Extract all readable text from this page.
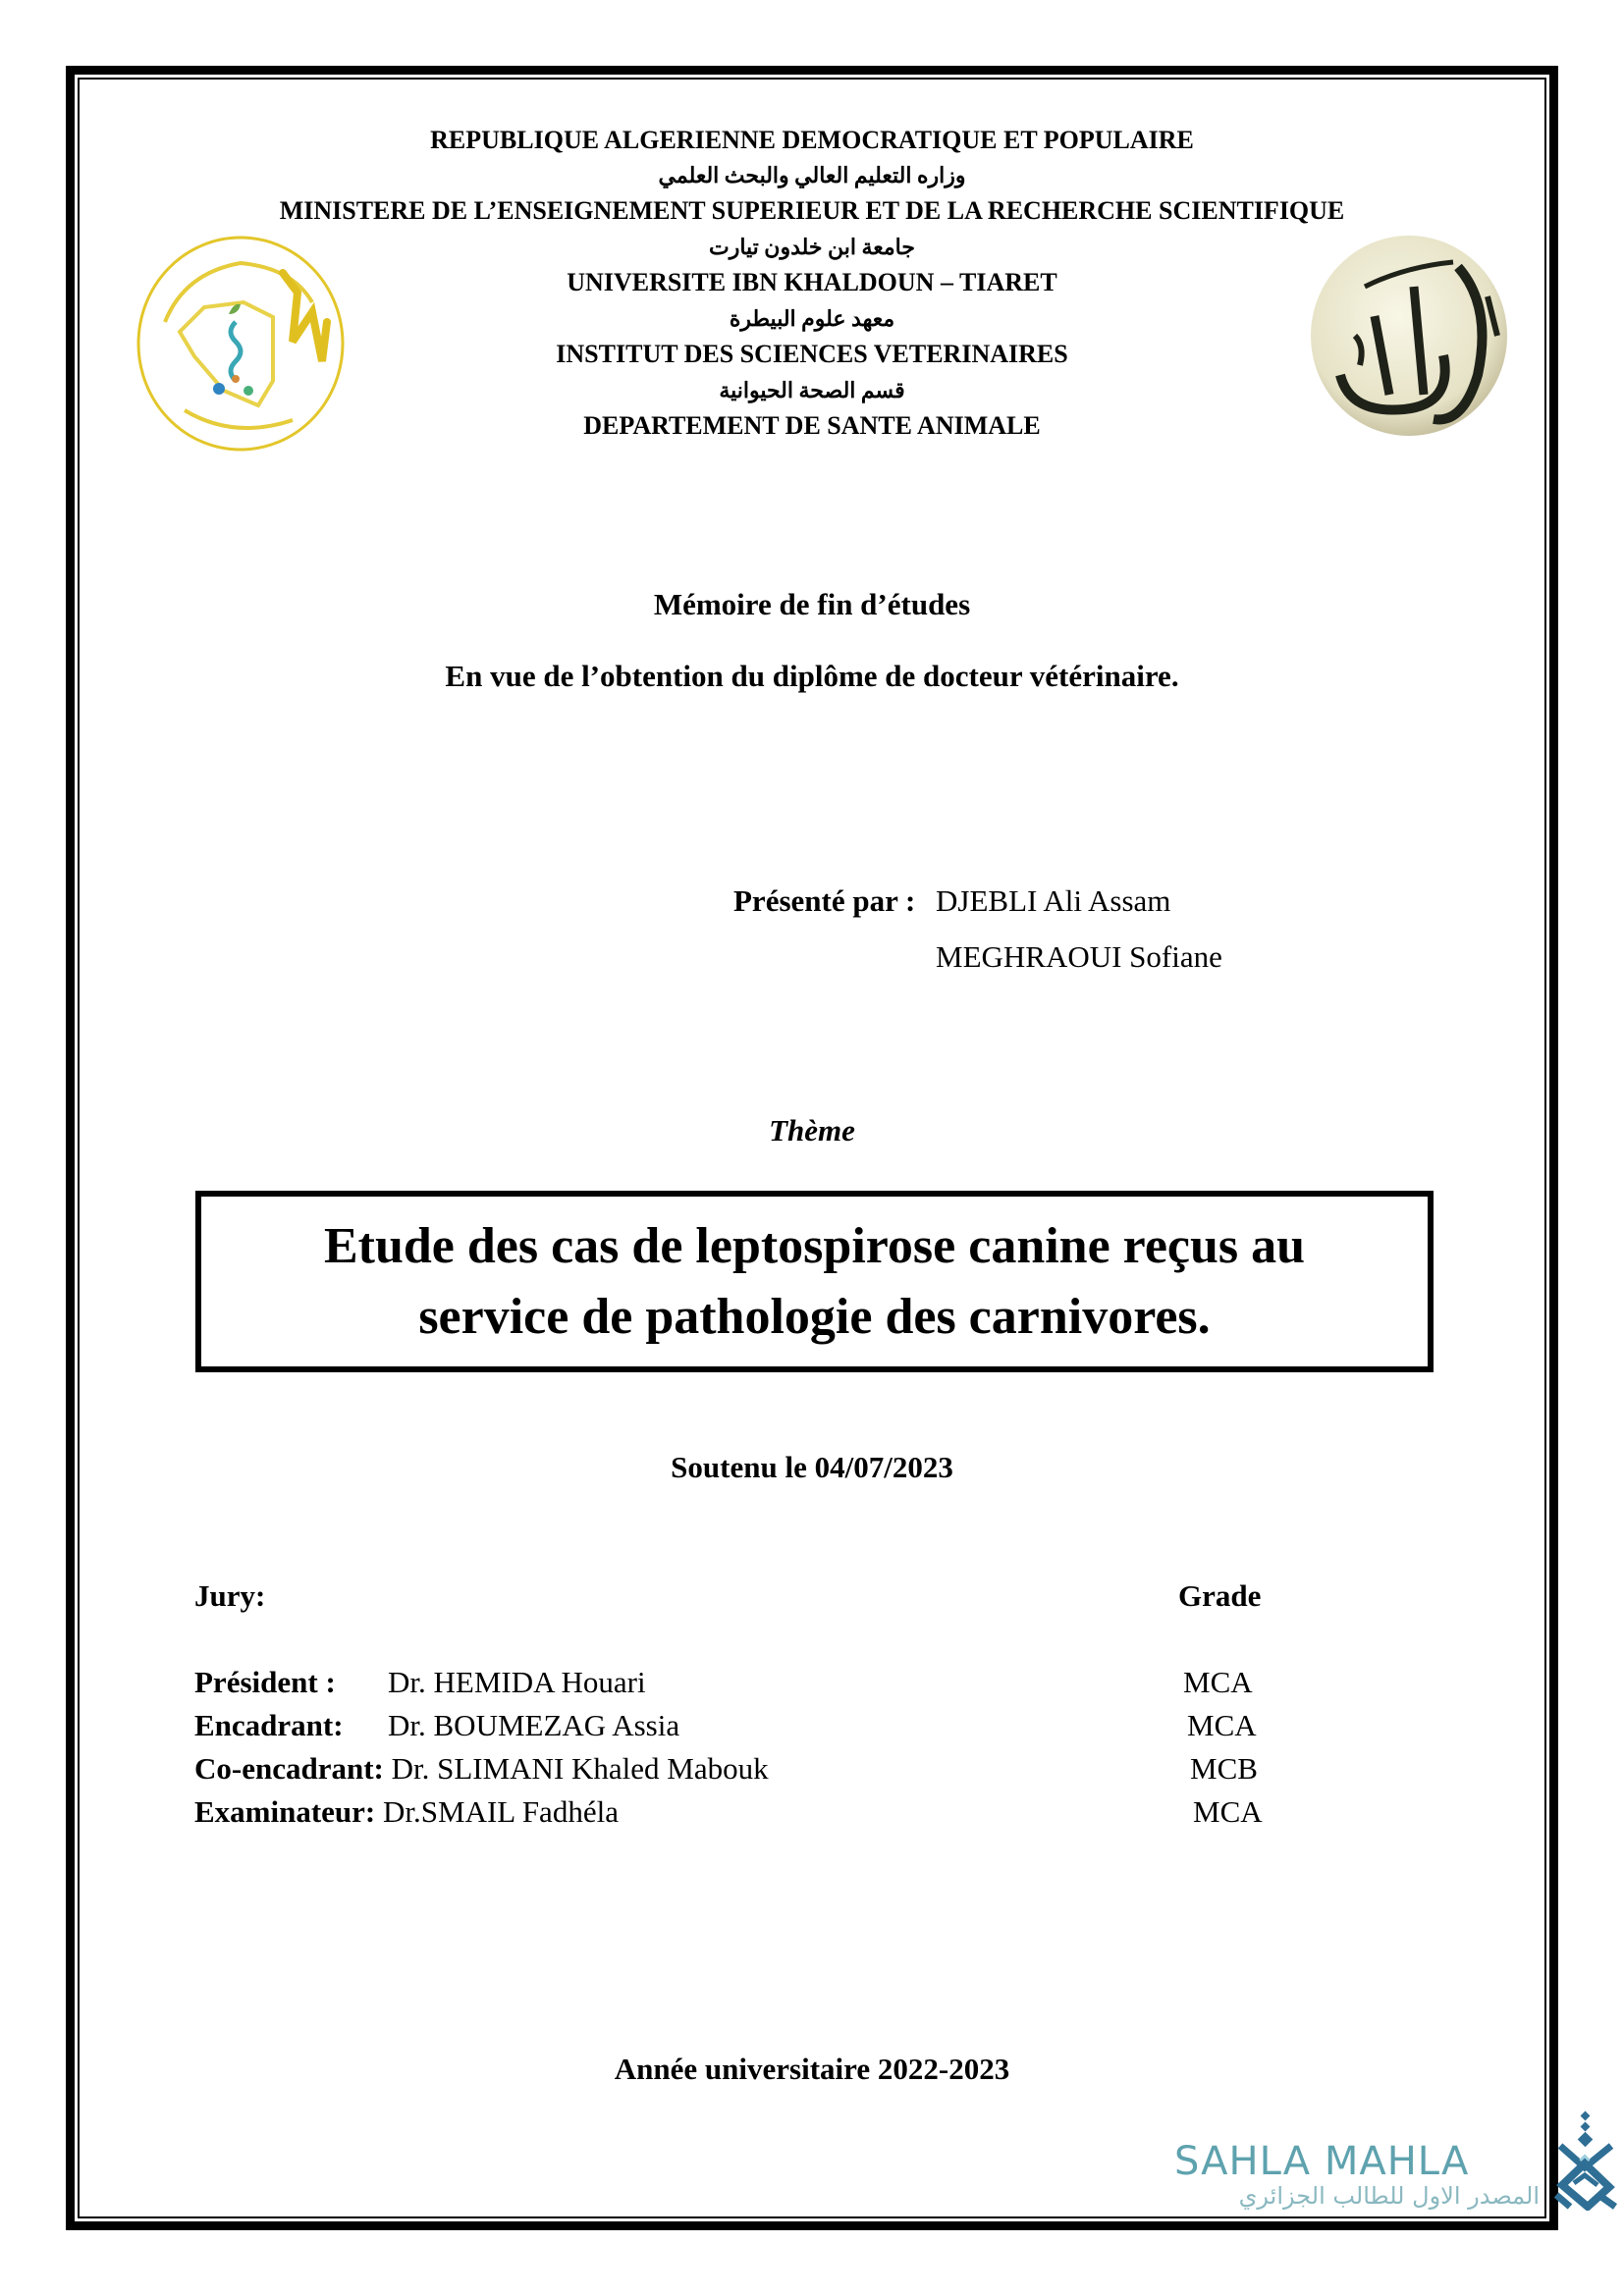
REPUBLIQUE ALGERIENNE DEMOCRATIQUE ET POPULAIRE
وزاره التعليم العالي والبحث العلمي
MINISTERE DE L’ENSEIGNEMENT SUPERIEUR ET DE LA RECHERCHE SCIENTIFIQUE
جامعة ابن خلدون تيارت
UNIVERSITE IBN KHALDOUN – TIARET
معهد علوم البيطرة
INSTITUT DES SCIENCES VETERINAIRES
قسم الصحة الحيوانية
DEPARTEMENT DE SANTE ANIMALE
Mémoire de fin d’études
En vue de l’obtention du diplôme de docteur vétérinaire.
Présenté par : DJEBLI Ali Assam
MEGHRAOUI Sofiane
Thème
Etude des cas de leptospirose canine reçus au
service de pathologie des carnivores.
Soutenu le 04/07/2023
Jury:	Grade
Président : Dr. HEMIDA Houari	MCA
Encadrant: Dr. BOUMEZAG Assia	MCA
Co-encadrant: Dr. SLIMANI Khaled Mabouk	MCB
Examinateur: Dr.SMAIL Fadhéla	MCA
Année universitaire 2022-2023
SAHLA MAHLA
المصدر الاول للطالب الجزائري
